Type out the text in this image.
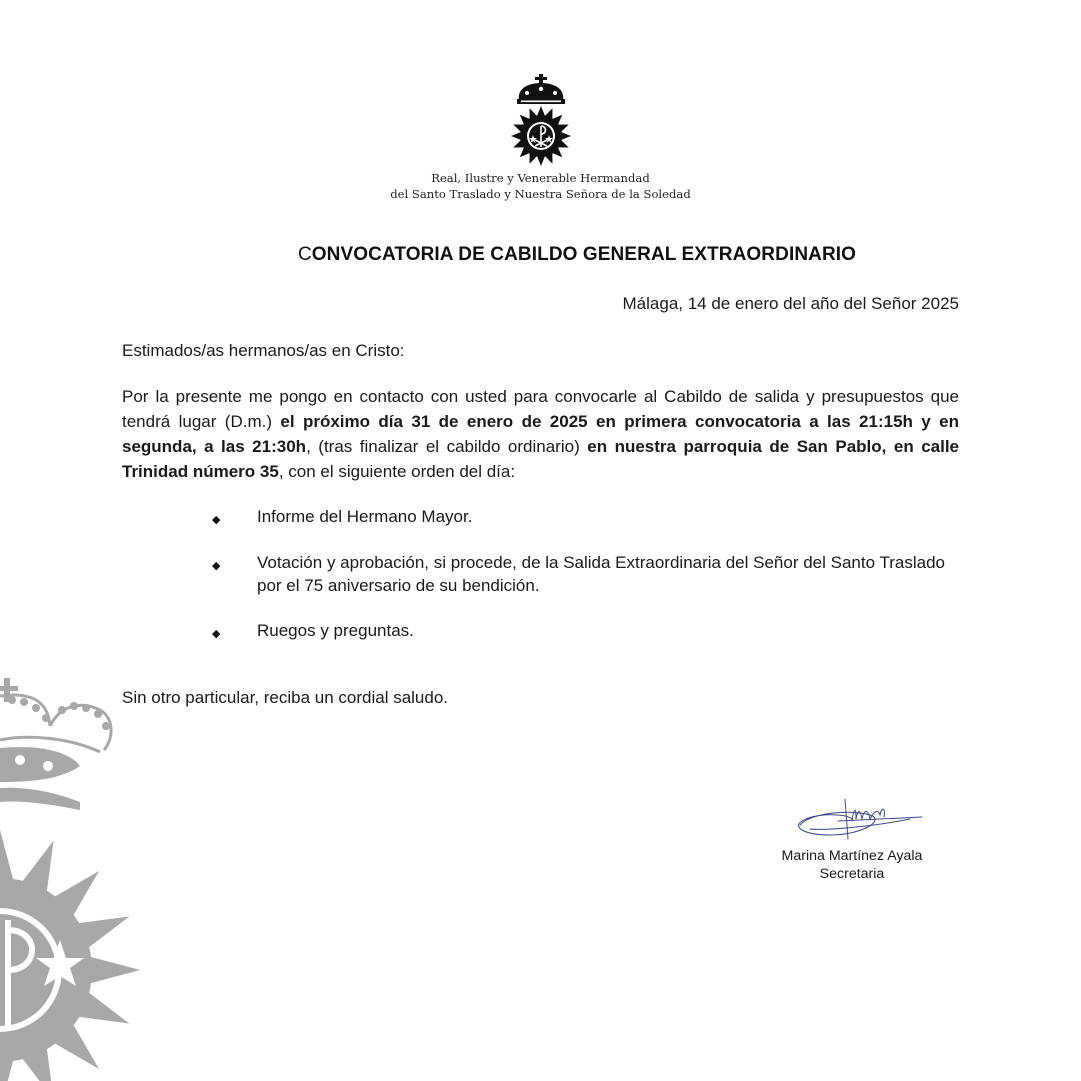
Real, Ilustre y Venerable Hermandad
del Santo Traslado y Nuestra Señora de la Soledad
CONVOCATORIA DE CABILDO GENERAL EXTRAORDINARIO
Málaga, 14 de enero del año del Señor 2025
Estimados/as hermanos/as en Cristo:
Por la presente me pongo en contacto con usted para convocarle al Cabildo de salida y presupuestos que tendrá lugar (D.m.) el próximo día 31 de enero de 2025 en primera convocatoria a las 21:15h y en segunda, a las 21:30h, (tras finalizar el cabildo ordinario) en nuestra parroquia de San Pablo, en calle Trinidad número 35, con el siguiente orden del día:
◆ Informe del Hermano Mayor.
◆ Votación y aprobación, si procede, de la Salida Extraordinaria del Señor del Santo Traslado por el 75 aniversario de su bendición.
◆ Ruegos y preguntas.
Sin otro particular, reciba un cordial saludo.
Marina Martínez Ayala
Secretaria
